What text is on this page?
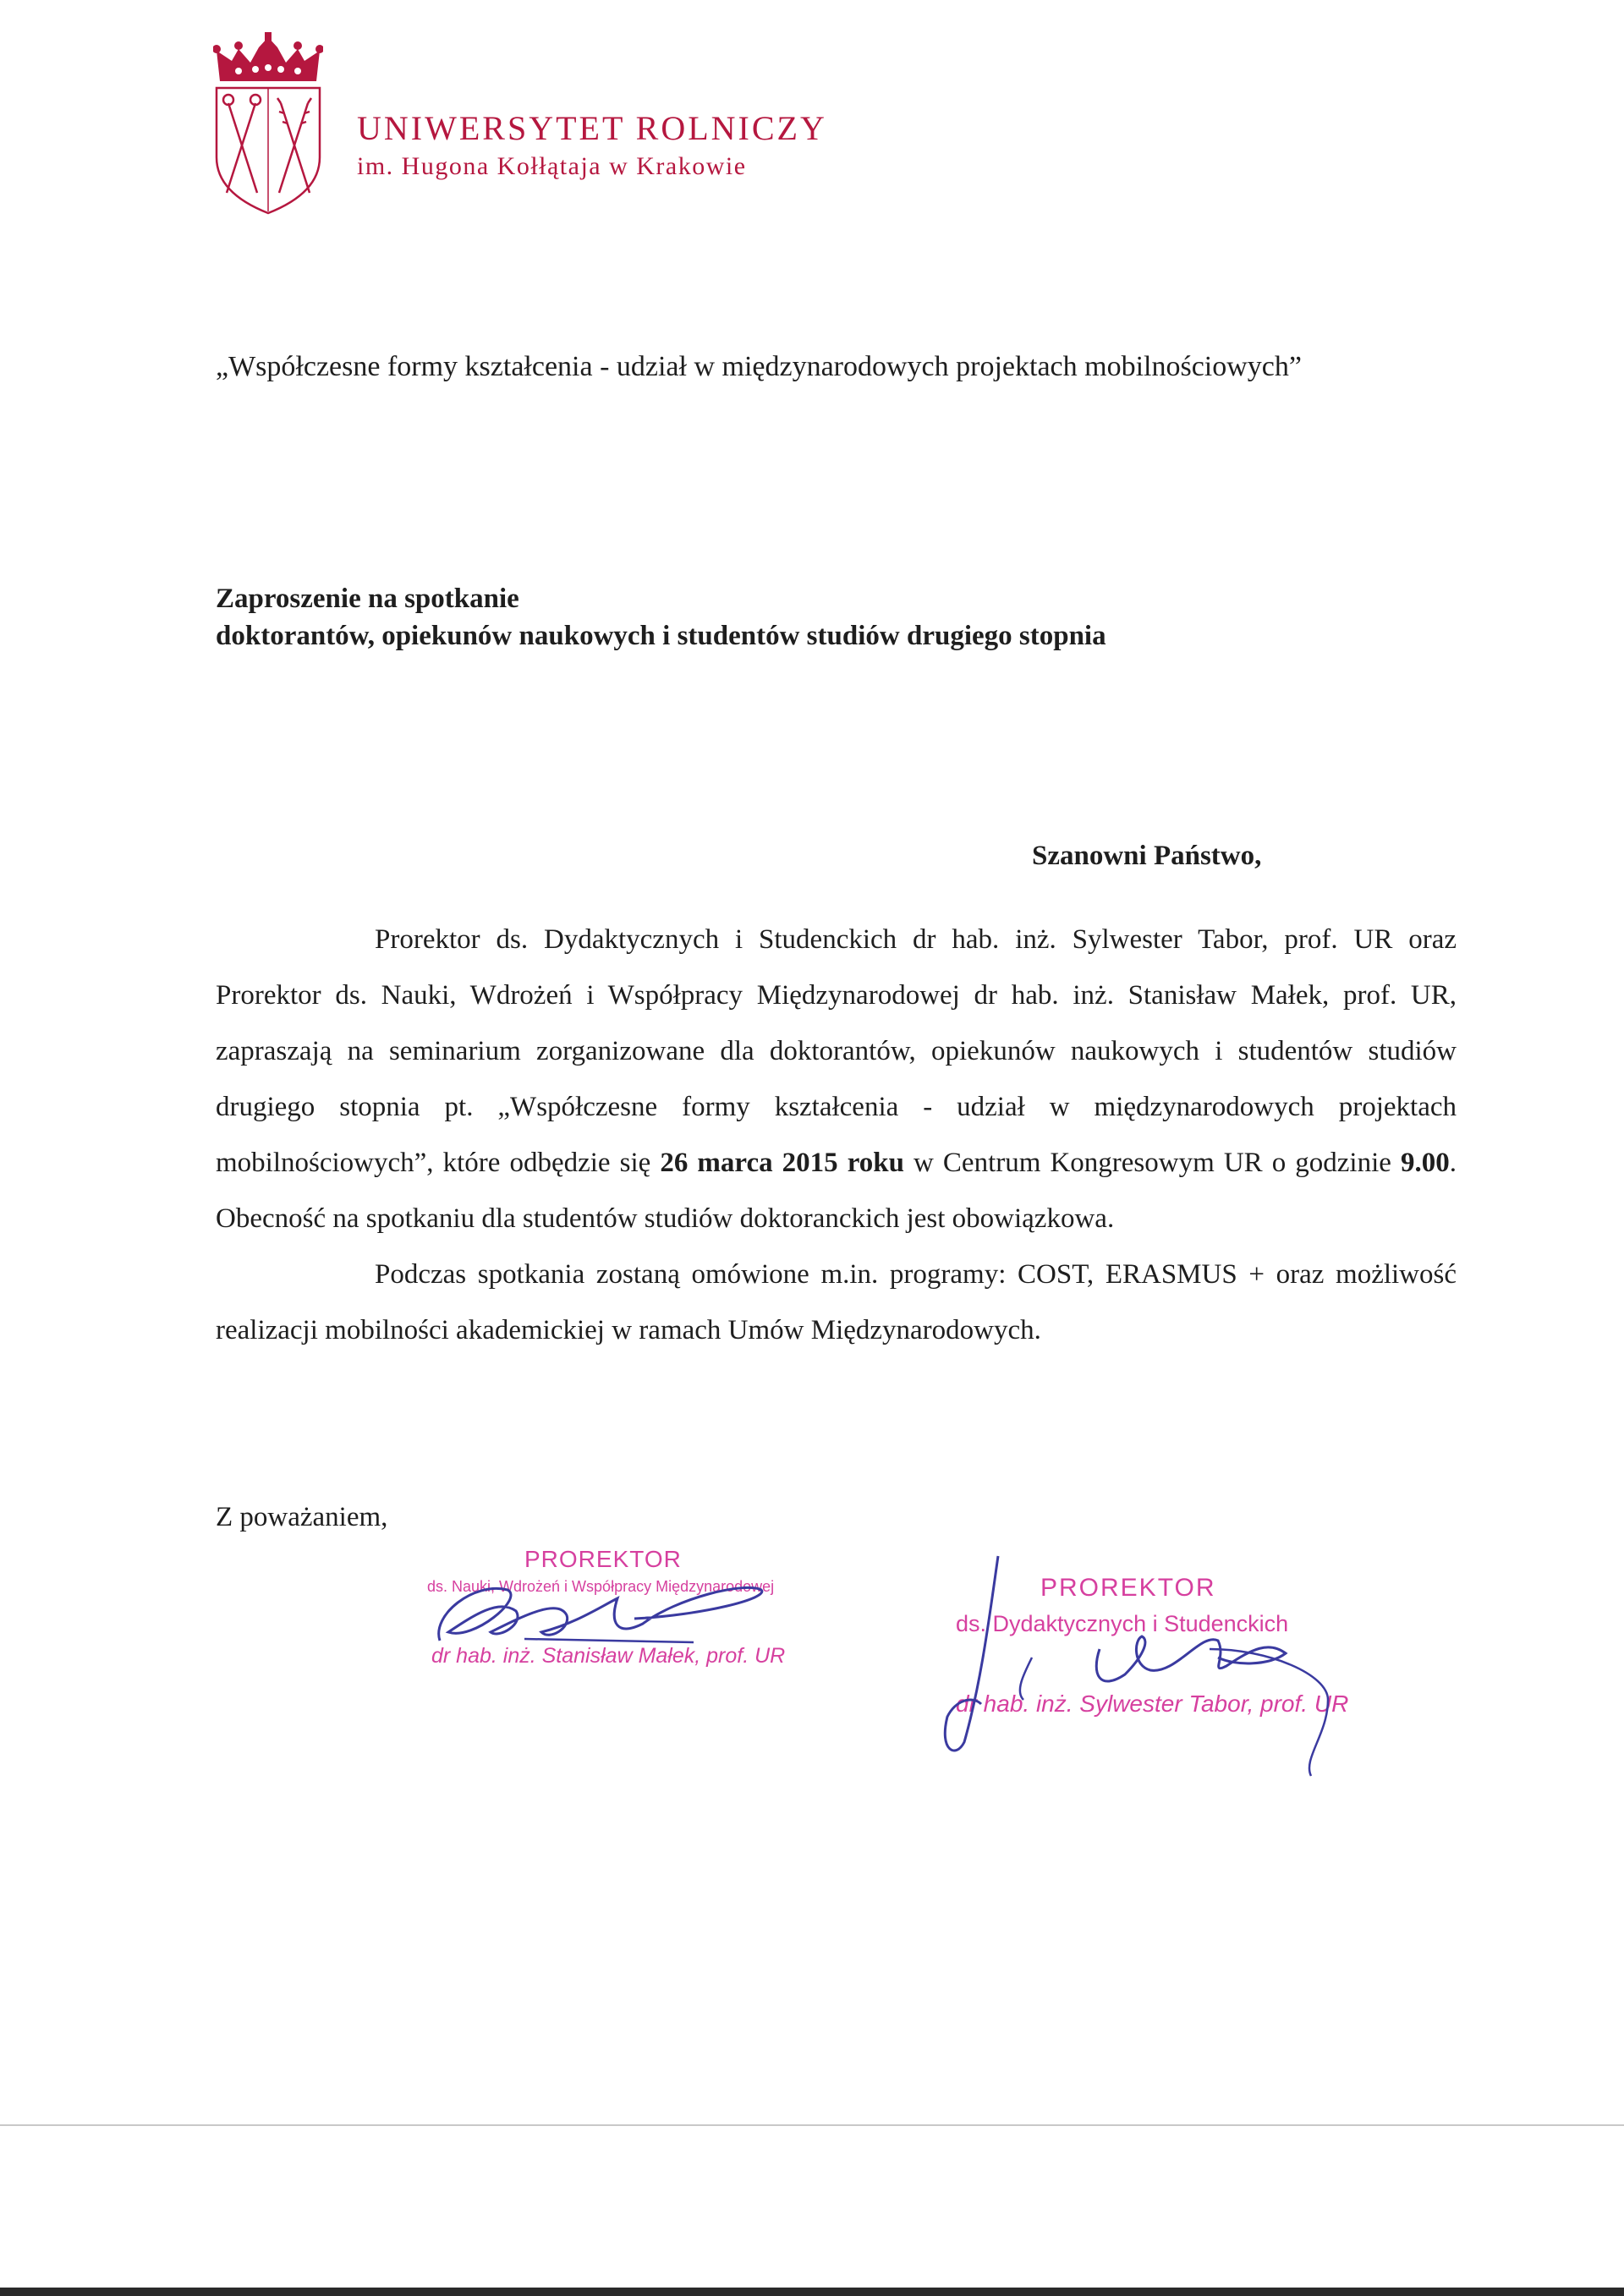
UNIWERSYTET ROLNICZY
im. Hugona Kołłątaja w Krakowie
„Współczesne formy kształcenia - udział w międzynarodowych projektach mobilnościowych”
Zaproszenie na spotkanie
doktorantów, opiekunów naukowych i studentów studiów drugiego stopnia
Szanowni Państwo,

Prorektor ds. Dydaktycznych i Studenckich dr hab. inż. Sylwester Tabor, prof. UR oraz Prorektor ds. Nauki, Wdrożeń i Współpracy Międzynarodowej dr hab. inż. Stanisław Małek, prof. UR, zapraszają na seminarium zorganizowane dla doktorantów, opiekunów naukowych i studentów studiów drugiego stopnia pt. „Współczesne formy kształcenia - udział w międzynarodowych projektach mobilnościowych”, które odbędzie się 26 marca 2015 roku w Centrum Kongresowym UR o godzinie 9.00. Obecność na spotkaniu dla studentów studiów doktoranckich jest obowiązkowa.

Podczas spotkania zostaną omówione m.in. programy: COST, ERASMUS + oraz możliwość realizacji mobilności akademickiej w ramach Umów Międzynarodowych.

Z poważaniem,
PROREKTOR
ds. Nauki, Wdrożeń i Współpracy Międzynarodowej
dr hab. inż. Stanisław Małek, prof. UR
PROREKTOR
ds. Dydaktycznych i Studenckich
dr hab. inż. Sylwester Tabor, prof. UR
